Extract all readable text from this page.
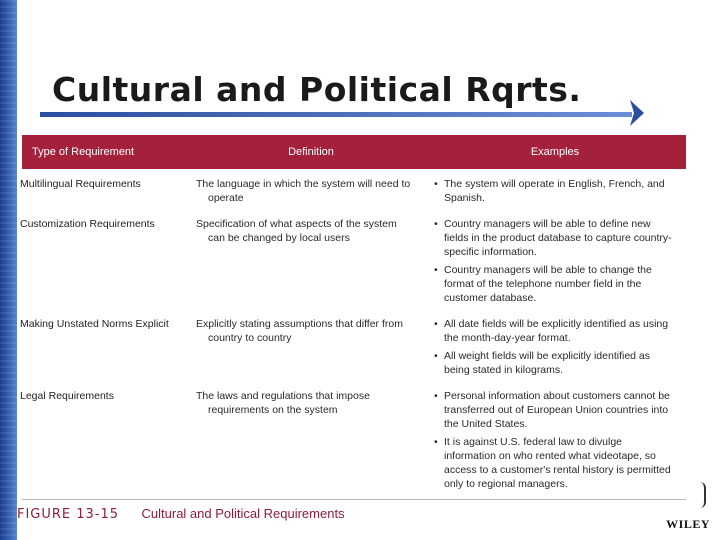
Cultural and Political Rqrts.
Type of Requirement	Definition	Examples
Multilingual Requirements	The language in which the system will need to operate	• The system will operate in English, French, and Spanish.

Customization Requirements	Specification of what aspects of the system can be changed by local users	• Country managers will be able to define new fields in the product database to capture country-specific information.
• Country managers will be able to change the format of the telephone number field in the customer database.

Making Unstated Norms Explicit	Explicitly stating assumptions that differ from country to country	• All date fields will be explicitly identified as using the month-day-year format.
• All weight fields will be explicitly identified as being stated in kilograms.

Legal Requirements	The laws and regulations that impose requirements on the system	• Personal information about customers cannot be transferred out of European Union countries into the United States.
• It is against U.S. federal law to divulge information on who rented what videotape, so access to a customer's rental history is permitted only to regional managers.
FIGURE 13-15 Cultural and Political Requirements
WILEY
